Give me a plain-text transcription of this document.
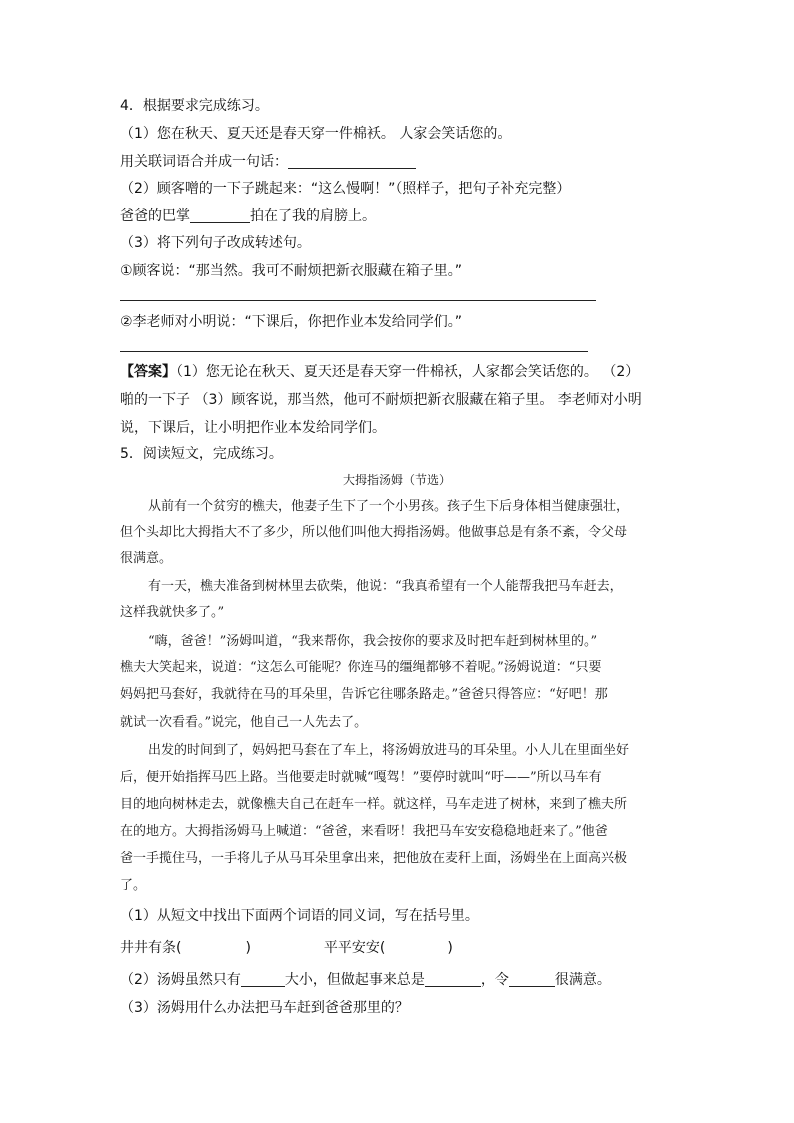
4．根据要求完成练习。
（1）您在秋天、夏天还是春天穿一件棉袄。 人家会笑话您的。
用关联词语合并成一句话：
（2）顾客噌的一下子跳起来：“这么慢啊！”（照样子，把句子补充完整）
爸爸的巴掌	拍在了我的肩膀上。
（3）将下列句子改成转述句。
①顾客说：“那当然。我可不耐烦把新衣服藏在箱子里。”
②李老师对小明说：“下课后，你把作业本发给同学们。”
【答案】（1）您无论在秋天、夏天还是春天穿一件棉袄，人家都会笑话您的。 （2）
啪的一下子 （3）顾客说，那当然，他可不耐烦把新衣服藏在箱子里。 李老师对小明
说，下课后，让小明把作业本发给同学们。
5．阅读短文，完成练习。
大拇指汤姆（节选）
从前有一个贫穷的樵夫，他妻子生下了一个小男孩。孩子生下后身体相当健康强壮，
但个头却比大拇指大不了多少，所以他们叫他大拇指汤姆。他做事总是有条不紊，令父母
很满意。
有一天，樵夫准备到树林里去砍柴，他说：“我真希望有一个人能帮我把马车赶去，
这样我就快多了。”
“嗨，爸爸！”汤姆叫道，“我来帮你，我会按你的要求及时把车赶到树林里的。”
樵夫大笑起来，说道：“这怎么可能呢？你连马的缰绳都够不着呢。”汤姆说道：“只要
妈妈把马套好，我就待在马的耳朵里，告诉它往哪条路走。”爸爸只得答应：“好吧！那
就试一次看看。”说完，他自己一人先去了。
出发的时间到了，妈妈把马套在了车上，将汤姆放进马的耳朵里。小人儿在里面坐好
后，便开始指挥马匹上路。当他要走时就喊“嘎驾！”要停时就叫“吁——”所以马车有
目的地向树林走去，就像樵夫自己在赶车一样。就这样，马车走进了树林，来到了樵夫所
在的地方。大拇指汤姆马上喊道：“爸爸，来看呀！我把马车安安稳稳地赶来了。”他爸
爸一手揽住马，一手将儿子从马耳朵里拿出来，把他放在麦秆上面，汤姆坐在上面高兴极
了。
（1）从短文中找出下面两个词语的同义词，写在括号里。
井井有条(	)	平平安安(	)
（2）汤姆虽然只有	大小，但做起事来总是	，令	很满意。
（3）汤姆用什么办法把马车赶到爸爸那里的？
